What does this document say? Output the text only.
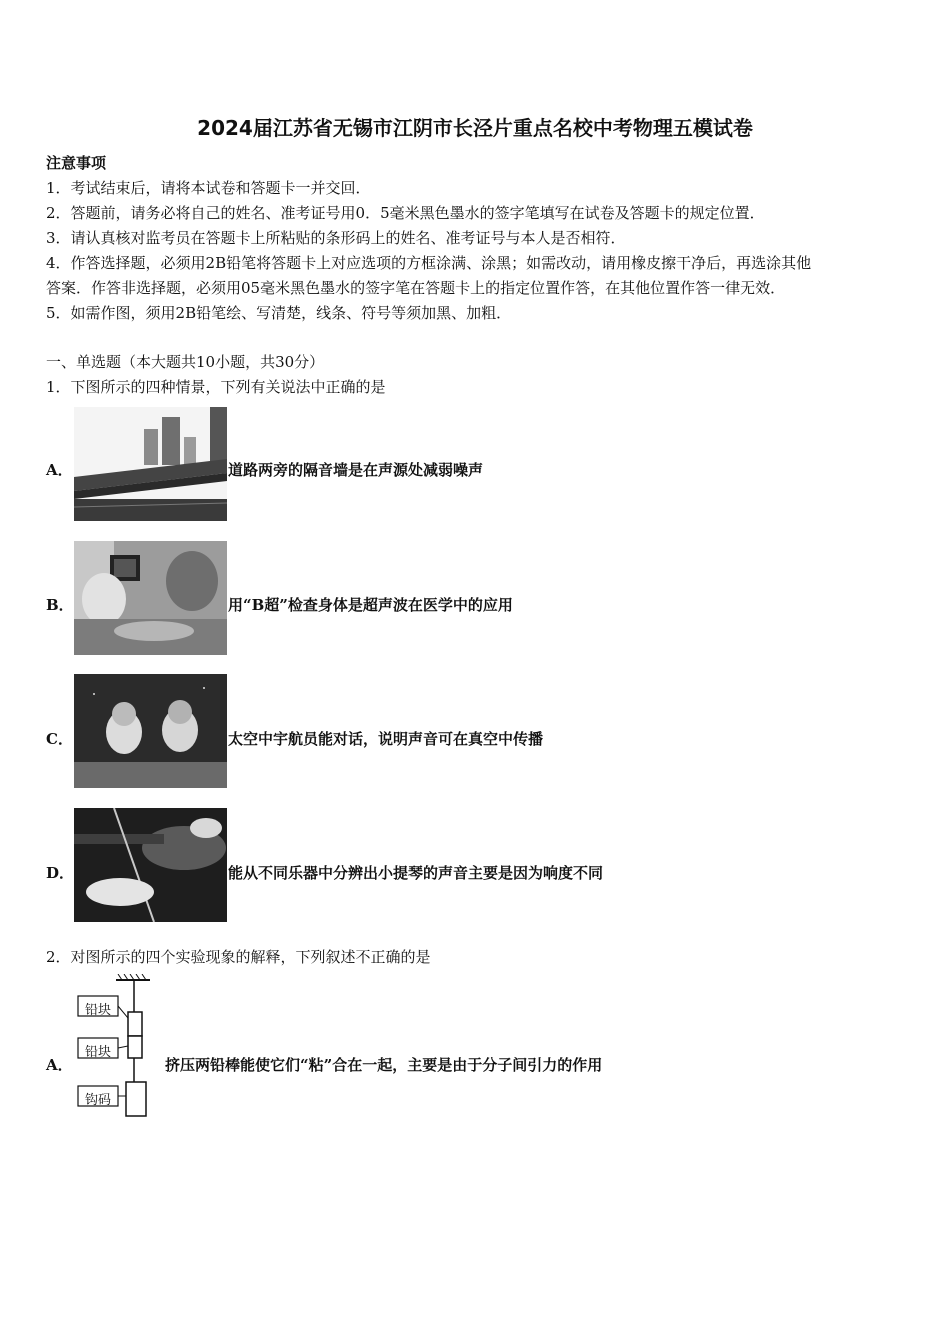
2024届江苏省无锡市江阴市长泾片重点名校中考物理五模试卷
注意事项
1．考试结束后，请将本试卷和答题卡一并交回．
2．答题前，请务必将自己的姓名、准考证号用0．5毫米黑色墨水的签字笔填写在试卷及答题卡的规定位置．
3．请认真核对监考员在答题卡上所粘贴的条形码上的姓名、准考证号与本人是否相符．
4．作答选择题，必须用2B铅笔将答题卡上对应选项的方框涂满、涂黑；如需改动，请用橡皮擦干净后，再选涂其他
答案．作答非选择题，必须用05毫米黑色墨水的签字笔在答题卡上的指定位置作答，在其他位置作答一律无效．
5．如需作图，须用2B铅笔绘、写清楚，线条、符号等须加黑、加粗．
一、单选题（本大题共10小题，共30分）
1．下图所示的四种情景，下列有关说法中正确的是
A．	道路两旁的隔音墙是在声源处减弱噪声
B．	用“B超”检查身体是超声波在医学中的应用
C．	太空中宇航员能对话，说明声音可在真空中传播
D．	能从不同乐器中分辨出小提琴的声音主要是因为响度不同
2．对图所示的四个实验现象的解释，下列叙述不正确的是
A．
铅块
铅块
钩码
挤压两铅棒能使它们“粘”合在一起，主要是由于分子间引力的作用
